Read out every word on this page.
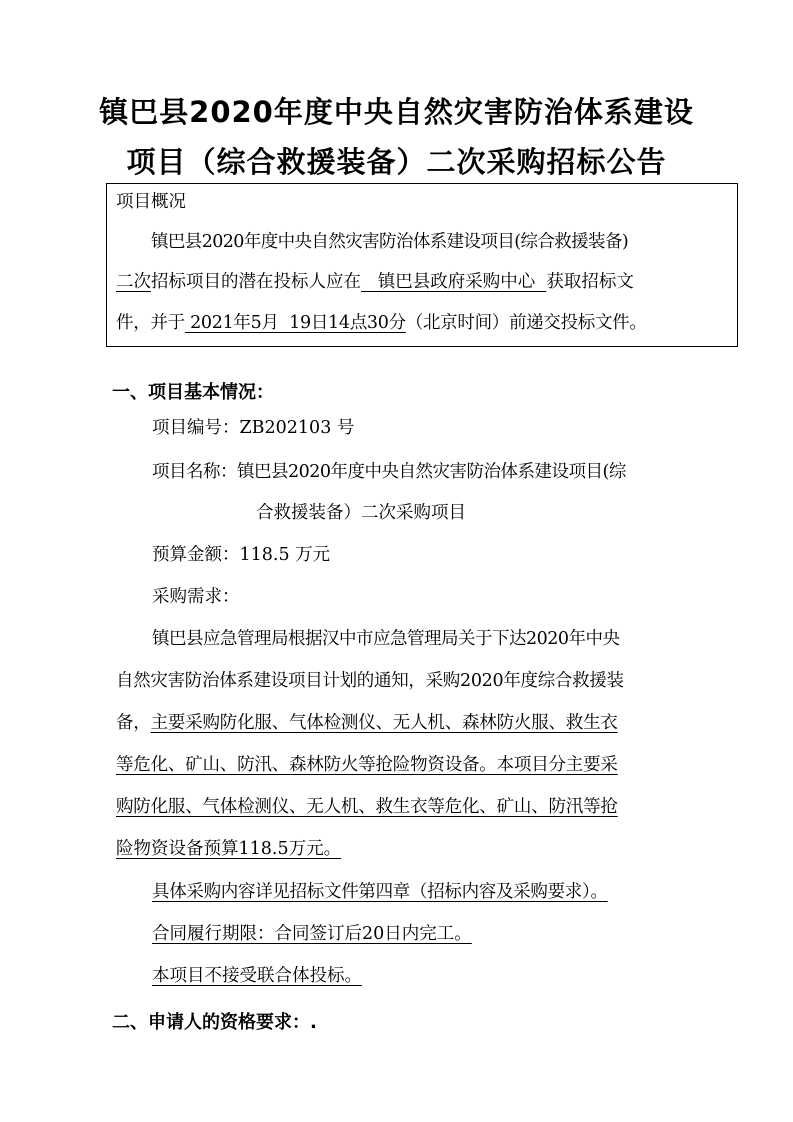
镇巴县2020年度中央自然灾害防治体系建设
项目（综合救援装备）二次采购招标公告
项目概况
镇巴县2020年度中央自然灾害防治体系建设项目(综合救援装备)
二次招标项目的潜在投标人应在   镇巴县政府采购中心  获取招标文
件，并于 2021年5月  19日14点30分（北京时间）前递交投标文件。
一、项目基本情况：
项目编号：ZB202103 号
项目名称：镇巴县2020年度中央自然灾害防治体系建设项目(综
合救援装备）二次采购项目
预算金额：118.5 万元
采购需求：
镇巴县应急管理局根据汉中市应急管理局关于下达2020年中央
自然灾害防治体系建设项目计划的通知，采购2020年度综合救援装
备，主要采购防化服、气体检测仪、无人机、森林防火服、救生衣
等危化、矿山、防汛、森林防火等抢险物资设备。本项目分主要采
购防化服、气体检测仪、无人机、救生衣等危化、矿山、防汛等抢
险物资设备预算118.5万元。
具体采购内容详见招标文件第四章（招标内容及采购要求）。
合同履行期限：合同签订后20日内完工。
本项目不接受联合体投标。
二、申请人的资格要求：.
